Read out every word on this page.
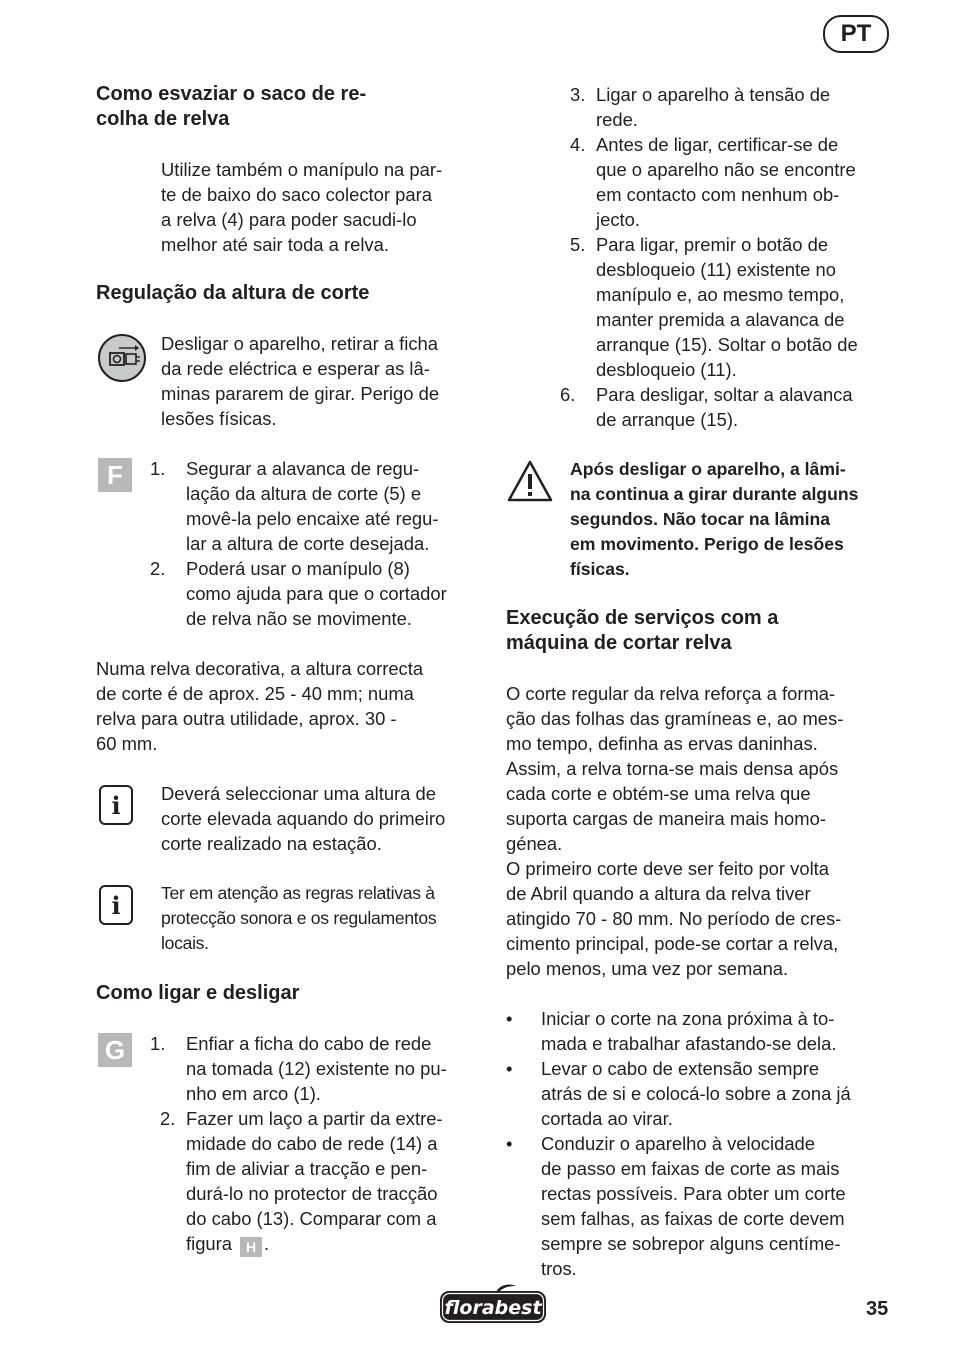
PT
Como esvaziar o saco de re-
colha de relva

Utilize também o manípulo na par-
te de baixo do saco colector para
a relva (4) para poder sacudi-lo
melhor até sair toda a relva.

Regulação da altura de corte

Desligar o aparelho, retirar a ficha
da rede eléctrica e esperar as lâ-
minas pararem de girar. Perigo de
lesões físicas.

F	1. Segurar a alavanca de regu-
lação da altura de corte (5) e
movê-la pelo encaixe até regu-
lar a altura de corte desejada.
2. Poderá usar o manípulo (8)
como ajuda para que o cortador
de relva não se movimente.

Numa relva decorativa, a altura correcta
de corte é de aprox. 25 - 40 mm; numa
relva para outra utilidade, aprox. 30 -
60 mm.

i	Deverá seleccionar uma altura de
corte elevada aquando do primeiro
corte realizado na estação.

i	Ter em atenção as regras relativas à
protecção sonora e os regulamentos
locais.

Como ligar e desligar
G	1. Enfiar a ficha do cabo de rede
na tomada (12) existente no pu-
nho em arco (1).
2. Fazer um laço a partir da extre-
midade do cabo de rede (14) a
fim de aliviar a tracção e pen-
durá-lo no protector de tracção
do cabo (13). Comparar com a
figura H .
3. Ligar o aparelho à tensão de
rede.
4. Antes de ligar, certificar-se de
que o aparelho não se encontre
em contacto com nenhum ob-
jecto.
5. Para ligar, premir o botão de
desbloqueio (11) existente no
manípulo e, ao mesmo tempo,
manter premida a alavanca de
arranque (15). Soltar o botão de
desbloqueio (11).
6. Para desligar, soltar a alavanca
de arranque (15).

Após desligar o aparelho, a lâmi-
na continua a girar durante alguns
segundos. Não tocar na lâmina
em movimento. Perigo de lesões
físicas.

Execução de serviços com a
máquina de cortar relva

O corte regular da relva reforça a forma-
ção das folhas das gramíneas e, ao mes-
mo tempo, definha as ervas daninhas.
Assim, a relva torna-se mais densa após
cada corte e obtém-se uma relva que
suporta cargas de maneira mais homo-
génea.

O primeiro corte deve ser feito por volta
de Abril quando a altura da relva tiver
atingido 70 - 80 mm. No período de cres-
cimento principal, pode-se cortar a relva,
pelo menos, uma vez por semana.

• Iniciar o corte na zona próxima à to-
mada e trabalhar afastando-se dela.
• Levar o cabo de extensão sempre
atrás de si e colocá-lo sobre a zona já
cortada ao virar.
• Conduzir o aparelho à velocidade
de passo em faixas de corte as mais
rectas possíveis. Para obter um corte
sem falhas, as faixas de corte devem
sempre se sobrepor alguns centíme-
tros.
florabest	35
